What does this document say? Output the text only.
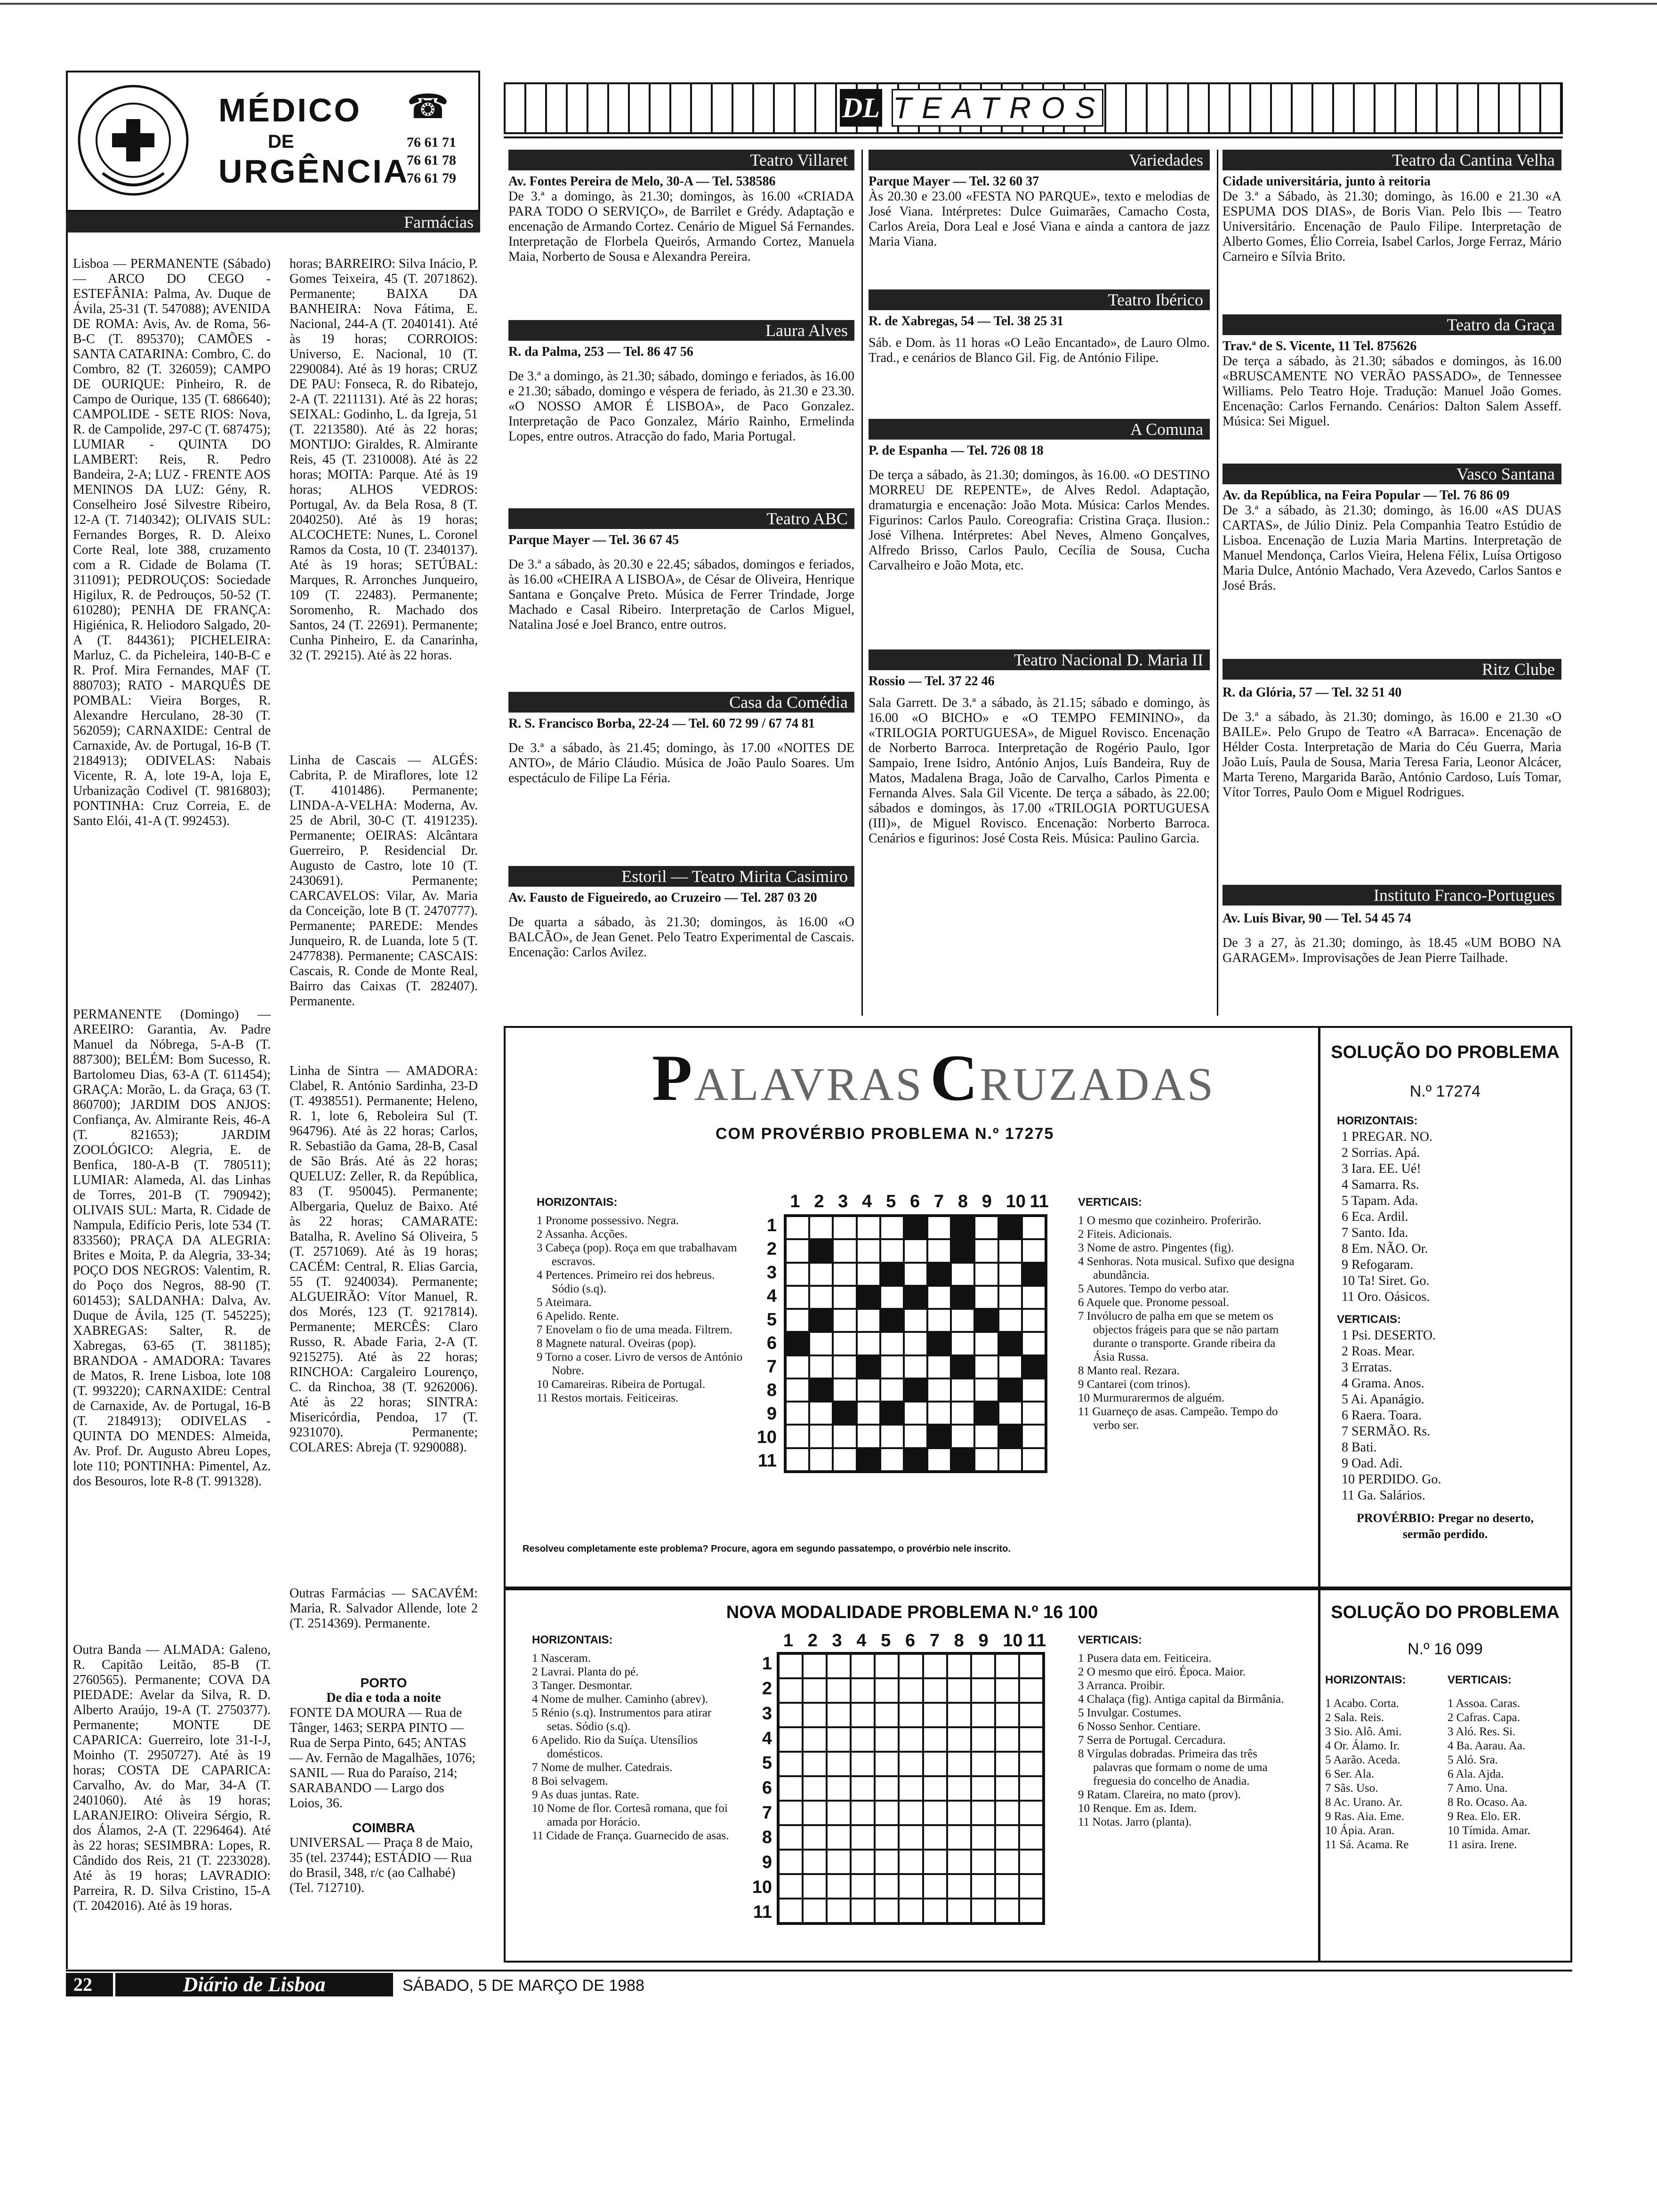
MÉDICO
DE
URGÊNCIA
☎
76 61 71
76 61 78
76 61 79
Farmácias
Lisboa — PERMANENTE (Sábado) — ARCO DO CEGO - ESTEFÂNIA: Palma, Av. Duque de Ávila, 25-31 (T. 547088); AVENIDA DE ROMA: Avis, Av. de Roma, 56-B-C (T. 895370); CAMÕES - SANTA CATARINA: Combro, C. do Combro, 82 (T. 326059); CAMPO DE OURIQUE: Pinheiro, R. de Campo de Ourique, 135 (T. 686640); CAMPOLIDE - SETE RIOS: Nova, R. de Campolide, 297-C (T. 687475); LUMIAR - QUINTA DO LAMBERT: Reis, R. Pedro Bandeira, 2-A; LUZ - FRENTE AOS MENINOS DA LUZ: Gény, R. Conselheiro José Silvestre Ribeiro, 12-A (T. 7140342); OLIVAIS SUL: Fernandes Borges, R. D. Aleixo Corte Real, lote 388, cruzamento com a R. Cidade de Bolama (T. 311091); PEDROUÇOS: Sociedade Higilux, R. de Pedrouços, 50-52 (T. 610280); PENHA DE FRANÇA: Higiénica, R. Heliodoro Salgado, 20-A (T. 844361); PICHELEIRA: Marluz, C. da Picheleira, 140-B-C e R. Prof. Mira Fernandes, MAF (T. 880703); RATO - MARQUÊS DE POMBAL: Vieira Borges, R. Alexandre Herculano, 28-30 (T. 562059); CARNAXIDE: Central de Carnaxide, Av. de Portugal, 16-B (T. 2184913); ODIVELAS: Nabais Vicente, R. A, lote 19-A, loja E, Urbanização Codivel (T. 9816803); PONTINHA: Cruz Correia, E. de Santo Elói, 41-A (T. 992453).
PERMANENTE (Domingo) — AREEIRO: Garantia, Av. Padre Manuel da Nóbrega, 5-A-B (T. 887300); BELÉM: Bom Sucesso, R. Bartolomeu Dias, 63-A (T. 611454); GRAÇA: Morão, L. da Graça, 63 (T. 860700); JARDIM DOS ANJOS: Confiança, Av. Almirante Reis, 46-A (T. 821653); JARDIM ZOOLÓGICO: Alegria, E. de Benfica, 180-A-B (T. 780511); LUMIAR: Alameda, Al. das Linhas de Torres, 201-B (T. 790942); OLIVAIS SUL: Marta, R. Cidade de Nampula, Edifício Peris, lote 534 (T. 833560); PRAÇA DA ALEGRIA: Brites e Moita, P. da Alegria, 33-34; POÇO DOS NEGROS: Valentim, R. do Poço dos Negros, 88-90 (T. 601453); SALDANHA: Dalva, Av. Duque de Ávila, 125 (T. 545225); XABREGAS: Salter, R. de Xabregas, 63-65 (T. 381185); BRANDOA - AMADORA: Tavares de Matos, R. Irene Lisboa, lote 108 (T. 993220); CARNAXIDE: Central de Carnaxide, Av. de Portugal, 16-B (T. 2184913); ODIVELAS - QUINTA DO MENDES: Almeida, Av. Prof. Dr. Augusto Abreu Lopes, lote 110; PONTINHA: Pimentel, Az. dos Besouros, lote R-8 (T. 991328).
Outra Banda — ALMADA: Galeno, R. Capitão Leitão, 85-B (T. 2760565). Permanente; COVA DA PIEDADE: Avelar da Silva, R. D. Alberto Araújo, 19-A (T. 2750377). Permanente; MONTE DE CAPARICA: Guerreiro, lote 31-I-J, Moinho (T. 2950727). Até às 19 horas; COSTA DE CAPARICA: Carvalho, Av. do Mar, 34-A (T. 2401060). Até às 19 horas; LARANJEIRO: Oliveira Sérgio, R. dos Álamos, 2-A (T. 2296464). Até às 22 horas; SESIMBRA: Lopes, R. Cândido dos Reis, 21 (T. 2233028). Até às 19 horas; LAVRADIO: Parreira, R. D. Silva Cristino, 15-A (T. 2042016). Até às 19 horas.
horas; BARREIRO: Silva Inácio, P. Gomes Teixeira, 45 (T. 2071862). Permanente; BAIXA DA BANHEIRA: Nova Fátima, E. Nacional, 244-A (T. 2040141). Até às 19 horas; CORROIOS: Universo, E. Nacional, 10 (T. 2290084). Até às 19 horas; CRUZ DE PAU: Fonseca, R. do Ribatejo, 2-A (T. 2211131). Até às 22 horas; SEIXAL: Godinho, L. da Igreja, 51 (T. 2213580). Até às 22 horas; MONTIJO: Giraldes, R. Almirante Reis, 45 (T. 2310008). Até às 22 horas; MOITA: Parque. Até às 19 horas; ALHOS VEDROS: Portugal, Av. da Bela Rosa, 8 (T. 2040250). Até às 19 horas; ALCOCHETE: Nunes, L. Coronel Ramos da Costa, 10 (T. 2340137). Até às 19 horas; SETÚBAL: Marques, R. Arronches Junqueiro, 109 (T. 22483). Permanente; Soromenho, R. Machado dos Santos, 24 (T. 22691). Permanente; Cunha Pinheiro, E. da Canarinha, 32 (T. 29215). Até às 22 horas.
Linha de Cascais — ALGÉS: Cabrita, P. de Miraflores, lote 12 (T. 4101486). Permanente; LINDA-A-VELHA: Moderna, Av. 25 de Abril, 30-C (T. 4191235). Permanente; OEIRAS: Alcântara Guerreiro, P. Residencial Dr. Augusto de Castro, lote 10 (T. 2430691). Permanente; CARCAVELOS: Vilar, Av. Maria da Conceição, lote B (T. 2470777). Permanente; PAREDE: Mendes Junqueiro, R. de Luanda, lote 5 (T. 2477838). Permanente; CASCAIS: Cascais, R. Conde de Monte Real, Bairro das Caixas (T. 282407). Permanente.
Linha de Sintra — AMADORA: Clabel, R. António Sardinha, 23-D (T. 4938551). Permanente; Heleno, R. 1, lote 6, Reboleira Sul (T. 964796). Até às 22 horas; Carlos, R. Sebastião da Gama, 28-B, Casal de São Brás. Até às 22 horas; QUELUZ: Zeller, R. da República, 83 (T. 950045). Permanente; Albergaria, Queluz de Baixo. Até às 22 horas; CAMARATE: Batalha, R. Avelino Sá Oliveira, 5 (T. 2571069). Até às 19 horas; CACÉM: Central, R. Elias Garcia, 55 (T. 9240034). Permanente; ALGUEIRÃO: Vítor Manuel, R. dos Morés, 123 (T. 9217814). Permanente; MERCÊS: Claro Russo, R. Abade Faria, 2-A (T. 9215275). Até às 22 horas; RINCHOA: Cargaleiro Lourenço, C. da Rinchoa, 38 (T. 9262006). Até às 22 horas; SINTRA: Misericórdia, Pendoa, 17 (T. 9231070). Permanente; COLARES: Abreja (T. 9290088).
Outras Farmácias — SACAVÉM: Maria, R. Salvador Allende, lote 2 (T. 2514369). Permanente.
PORTO
De dia e toda a noite
FONTE DA MOURA — Rua de Tânger, 1463; SERPA PINTO — Rua de Serpa Pinto, 645; ANTAS — Av. Fernão de Magalhães, 1076; SANIL — Rua do Paraíso, 214; SARABANDO — Largo dos Loios, 36.
COIMBRA
UNIVERSAL — Praça 8 de Maio, 35 (tel. 23744); ESTÁDIO — Rua do Brasil, 348, r/c (ao Calhabé) (Tel. 712710).
DL TEATROS
Teatro Villaret
Av. Fontes Pereira de Melo, 30-A — Tel. 538586
De 3.ª a domingo, às 21.30; domingos, às 16.00 «CRIADA PARA TODO O SERVIÇO», de Barrilet e Grédy. Adaptação e encenação de Armando Cortez. Cenário de Miguel Sá Fernandes. Interpretação de Florbela Queirós, Armando Cortez, Manuela Maia, Norberto de Sousa e Alexandra Pereira.
Laura Alves
R. da Palma, 253 — Tel. 86 47 56
De 3.ª a domingo, às 21.30; sábado, domingo e feriados, às 16.00 e 21.30; sábado, domingo e véspera de feriado, às 21.30 e 23.30. «O NOSSO AMOR É LISBOA», de Paco Gonzalez. Interpretação de Paco Gonzalez, Mário Rainho, Ermelinda Lopes, entre outros. Atracção do fado, Maria Portugal.
Teatro ABC
Parque Mayer — Tel. 36 67 45
De 3.ª a sábado, às 20.30 e 22.45; sábados, domingos e feriados, às 16.00 «CHEIRA A LISBOA», de César de Oliveira, Henrique Santana e Gonçalve Preto. Música de Ferrer Trindade, Jorge Machado e Casal Ribeiro. Interpretação de Carlos Miguel, Natalina José e Joel Branco, entre outros.
Casa da Comédia
R. S. Francisco Borba, 22-24 — Tel. 60 72 99 / 67 74 81
De 3.ª a sábado, às 21.45; domingo, às 17.00 «NOITES DE ANTO», de Mário Cláudio. Música de João Paulo Soares. Um espectáculo de Filipe La Féria.
Estoril — Teatro Mirita Casimiro
Av. Fausto de Figueiredo, ao Cruzeiro — Tel. 287 03 20
De quarta a sábado, às 21.30; domingos, às 16.00 «O BALCÃO», de Jean Genet. Pelo Teatro Experimental de Cascais. Encenação: Carlos Avilez.
Variedades
Parque Mayer — Tel. 32 60 37
Às 20.30 e 23.00 «FESTA NO PARQUE», texto e melodias de José Viana. Intérpretes: Dulce Guimarães, Camacho Costa, Carlos Areia, Dora Leal e José Viana e ainda a cantora de jazz Maria Viana.
Teatro Ibérico
R. de Xabregas, 54 — Tel. 38 25 31
Sáb. e Dom. às 11 horas «O Leão Encantado», de Lauro Olmo. Trad., e cenários de Blanco Gil. Fig. de António Filipe.
A Comuna
P. de Espanha — Tel. 726 08 18
De terça a sábado, às 21.30; domingos, às 16.00. «O DESTINO MORREU DE REPENTE», de Alves Redol. Adaptação, dramaturgia e encenação: João Mota. Música: Carlos Mendes. Figurinos: Carlos Paulo. Coreografia: Cristina Graça. Ilusion.: José Vilhena. Intérpretes: Abel Neves, Almeno Gonçalves, Alfredo Brisso, Carlos Paulo, Cecília de Sousa, Cucha Carvalheiro e João Mota, etc.
Teatro Nacional D. Maria II
Rossio — Tel. 37 22 46
Sala Garrett. De 3.ª a sábado, às 21.15; sábado e domingo, às 16.00 «O BICHO» e «O TEMPO FEMININO», da «TRILOGIA PORTUGUESA», de Miguel Rovisco. Encenação de Norberto Barroca. Interpretação de Rogério Paulo, Igor Sampaio, Irene Isidro, António Anjos, Luís Bandeira, Ruy de Matos, Madalena Braga, João de Carvalho, Carlos Pimenta e Fernanda Alves. Sala Gil Vicente. De terça a sábado, às 22.00; sábados e domingos, às 17.00 «TRILOGIA PORTUGUESA (III)», de Miguel Rovisco. Encenação: Norberto Barroca. Cenários e figurinos: José Costa Reis. Música: Paulino Garcia.
Teatro da Cantina Velha
Cidade universitária, junto à reitoria
De 3.ª a Sábado, às 21.30; domingo, às 16.00 e 21.30 «A ESPUMA DOS DIAS», de Boris Vian. Pelo Ibis — Teatro Universitário. Encenação de Paulo Filipe. Interpretação de Alberto Gomes, Élio Correia, Isabel Carlos, Jorge Ferraz, Mário Carneiro e Sílvia Brito.
Teatro da Graça
Trav.ª de S. Vicente, 11 Tel. 875626
De terça a sábado, às 21.30; sábados e domingos, às 16.00 «BRUSCAMENTE NO VERÃO PASSADO», de Tennessee Williams. Pelo Teatro Hoje. Tradução: Manuel João Gomes. Encenação: Carlos Fernando. Cenários: Dalton Salem Asseff. Música: Sei Miguel.
Vasco Santana
Av. da República, na Feira Popular — Tel. 76 86 09
De 3.ª a sábado, às 21.30; domingo, às 16.00 «AS DUAS CARTAS», de Júlio Diniz. Pela Companhia Teatro Estúdio de Lisboa. Encenação de Luzia Maria Martins. Interpretação de Manuel Mendonça, Carlos Vieira, Helena Félix, Luísa Ortigoso Maria Dulce, António Machado, Vera Azevedo, Carlos Santos e José Brás.
Ritz Clube
R. da Glória, 57 — Tel. 32 51 40
De 3.ª a sábado, às 21.30; domingo, às 16.00 e 21.30 «O BAILE». Pelo Grupo de Teatro «A Barraca». Encenação de Hélder Costa. Interpretação de Maria do Céu Guerra, Maria João Luís, Paula de Sousa, Maria Teresa Faria, Leonor Alcácer, Marta Tereno, Margarida Barão, António Cardoso, Luís Tomar, Vítor Torres, Paulo Oom e Miguel Rodrigues.
Instituto Franco-Portugues
Av. Luís Bivar, 90 — Tel. 54 45 74
De 3 a 27, às 21.30; domingo, às 18.45 «UM BOBO NA GARAGEM». Improvisações de Jean Pierre Tailhade.
PALAVRAS CRUZADAS
COM PROVÉRBIO PROBLEMA N.º 17275
HORIZONTAIS:
1 Pronome possessivo. Negra.
2 Assanha. Acções.
3 Cabeça (pop). Roça em que trabalhavam escravos.
4 Pertences. Primeiro rei dos hebreus. Sódio (s.q).
5 Ateimara.
6 Apelido. Rente.
7 Enovelam o fio de uma meada. Filtrem.
8 Magnete natural. Oveiras (pop).
9 Torno a coser. Livro de versos de António Nobre.
10 Camareiras. Ribeira de Portugal.
11 Restos mortais. Feiticeiras.
1 2 3 4 5 6 7 8 9 10 11
1
2
3
4
5
6
7
8
9
10
11
VERTICAIS:
1 O mesmo que cozinheiro. Proferirão.
2 Fiteis. Adicionais.
3 Nome de astro. Pingentes (fig).
4 Senhoras. Nota musical. Sufixo que designa abundância.
5 Autores. Tempo do verbo atar.
6 Aquele que. Pronome pessoal.
7 Invólucro de palha em que se metem os objectos frágeis para que se não partam durante o transporte. Grande ribeira da Ásia Russa.
8 Manto real. Rezara.
9 Cantarei (com trinos).
10 Murmurarermos de alguém.
11 Guarneço de asas. Campeão. Tempo do verbo ser.
Resolveu completamente este problema? Procure, agora em segundo passatempo, o provérbio nele inscrito.
SOLUÇÃO DO PROBLEMA
N.º 17274
HORIZONTAIS:
1 PREGAR. NO.
2 Sorrias. Apá.
3 Iara. EE. Ué!
4 Samarra. Rs.
5 Tapam. Ada.
6 Eca. Ardil.
7 Santo. Ida.
8 Em. NÃO. Or.
9 Refogaram.
10 Ta! Siret. Go.
11 Oro. Oásicos.
VERTICAIS:
1 Psi. DESERTO.
2 Roas. Mear.
3 Erratas.
4 Grama. Anos.
5 Ai. Apanágio.
6 Raera. Toara.
7 SERMÃO. Rs.
8 Bati.
9 Oad. Adi.
10 PERDIDO. Go.
11 Ga. Salários.
PROVÉRBIO: Pregar no deserto, sermão perdido.
NOVA MODALIDADE PROBLEMA N.º 16 100
HORIZONTAIS:
1 Nasceram.
2 Lavrai. Planta do pé.
3 Tanger. Desmontar.
4 Nome de mulher. Caminho (abrev).
5 Rénio (s.q). Instrumentos para atirar setas. Sódio (s.q).
6 Apelido. Rio da Suíça. Utensílios domésticos.
7 Nome de mulher. Catedrais.
8 Boi selvagem.
9 As duas juntas. Rate.
10 Nome de flor. Cortesã romana, que foi amada por Horácio.
11 Cidade de França. Guarnecido de asas.
1 2 3 4 5 6 7 8 9 10 11
1
2
3
4
5
6
7
8
9
10
11
VERTICAIS:
1 Pusera data em. Feiticeira.
2 O mesmo que eiró. Época. Maior.
3 Arranca. Proibir.
4 Chalaça (fig). Antiga capital da Birmânia.
5 Invulgar. Costumes.
6 Nosso Senhor. Centiare.
7 Serra de Portugal. Cercadura.
8 Vírgulas dobradas. Primeira das três palavras que formam o nome de uma freguesia do concelho de Anadia.
9 Ratam. Clareira, no mato (prov).
10 Renque. Em as. Idem.
11 Notas. Jarro (planta).
SOLUÇÃO DO PROBLEMA
N.º 16 099
HORIZONTAIS:
1 Acabo. Corta.
2 Sala. Reis.
3 Sio. Alô. Ami.
4 Or. Álamo. Ir.
5 Aarão. Aceda.
6 Ser. Ala.
7 Sãs. Uso.
8 Ac. Urano. Ar.
9 Ras. Aia. Eme.
10 Ápia. Aran.
11 Sá. Acama. Re
VERTICAIS:
1 Assoa. Caras.
2 Cafras. Capa.
3 Aló. Res. Si.
4 Ba. Aarau. Aa.
5 Aló. Sra.
6 Ala. Ajda.
7 Amo. Una.
8 Ro. Ocaso. Aa.
9 Rea. Elo. ER.
10 Tímida. Amar.
11 asira. Irene.
22	Diário de Lisboa	SÁBADO, 5 DE MARÇO DE 1988
